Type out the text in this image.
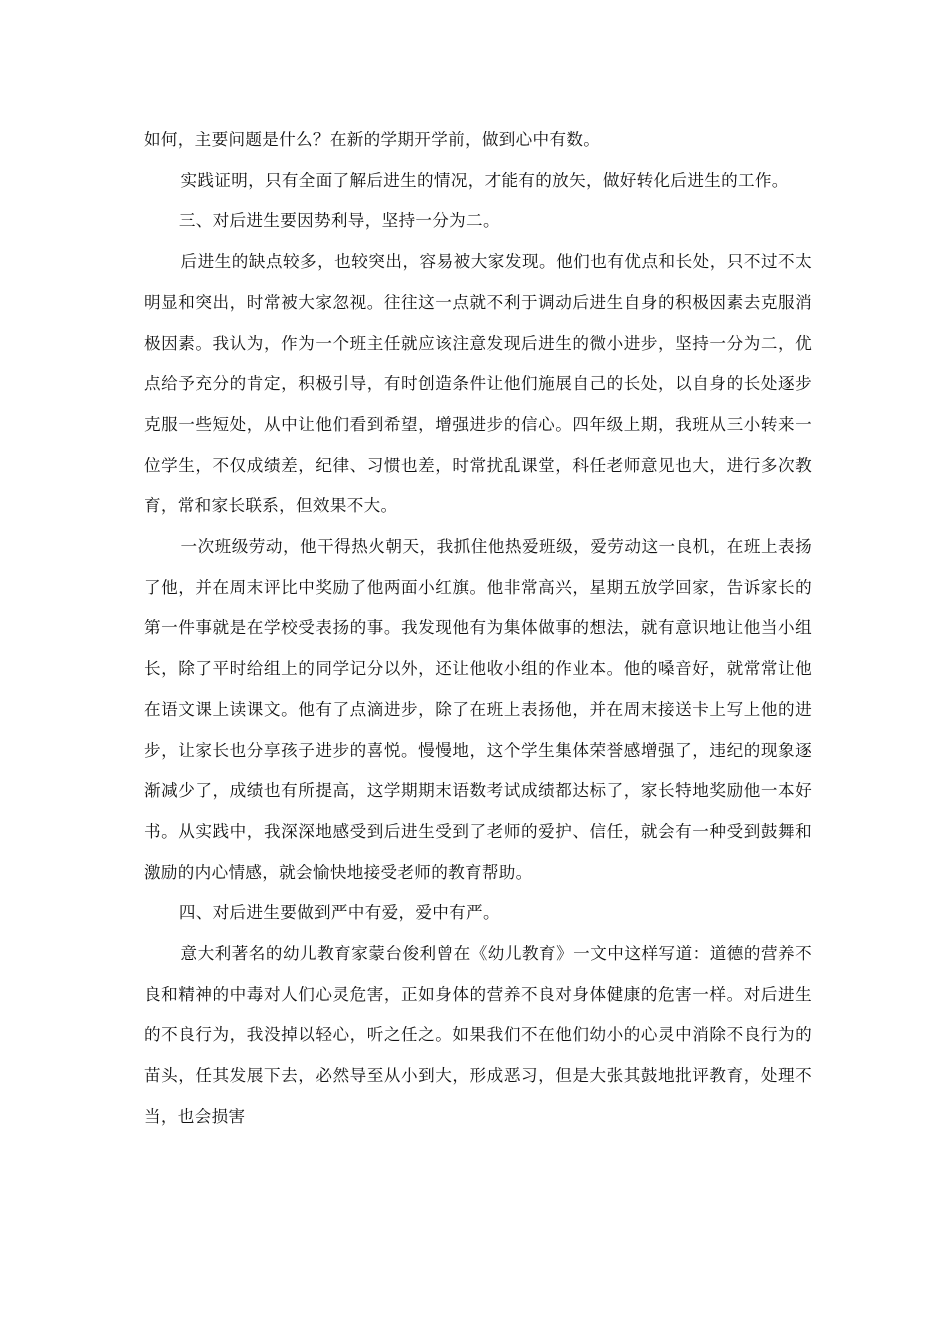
如何，主要问题是什么？在新的学期开学前，做到心中有数。

实践证明，只有全面了解后进生的情况，才能有的放矢，做好转化后进生的工作。

三、对后进生要因势利导，坚持一分为二。

后进生的缺点较多，也较突出，容易被大家发现。他们也有优点和长处，只不过不太明显和突出，时常被大家忽视。往往这一点就不利于调动后进生自身的积极因素去克服消极因素。我认为，作为一个班主任就应该注意发现后进生的微小进步，坚持一分为二，优点给予充分的肯定，积极引导，有时创造条件让他们施展自己的长处，以自身的长处逐步克服一些短处，从中让他们看到希望，增强进步的信心。四年级上期，我班从三小转来一位学生，不仅成绩差，纪律、习惯也差，时常扰乱课堂，科任老师意见也大，进行多次教育，常和家长联系，但效果不大。

一次班级劳动，他干得热火朝天，我抓住他热爱班级，爱劳动这一良机，在班上表扬了他，并在周末评比中奖励了他两面小红旗。他非常高兴，星期五放学回家，告诉家长的第一件事就是在学校受表扬的事。我发现他有为集体做事的想法，就有意识地让他当小组长，除了平时给组上的同学记分以外，还让他收小组的作业本。他的嗓音好，就常常让他在语文课上读课文。他有了点滴进步，除了在班上表扬他，并在周末接送卡上写上他的进步，让家长也分享孩子进步的喜悦。慢慢地，这个学生集体荣誉感增强了，违纪的现象逐渐减少了，成绩也有所提高，这学期期末语数考试成绩都达标了，家长特地奖励他一本好书。从实践中，我深深地感受到后进生受到了老师的爱护、信任，就会有一种受到鼓舞和激励的内心情感，就会愉快地接受老师的教育帮助。

四、对后进生要做到严中有爱，爱中有严。

意大利著名的幼儿教育家蒙台俊利曾在《幼儿教育》一文中这样写道：道德的营养不良和精神的中毒对人们心灵危害，正如身体的营养不良对身体健康的危害一样。对后进生的不良行为，我没掉以轻心，听之任之。如果我们不在他们幼小的心灵中消除不良行为的苗头，任其发展下去，必然导至从小到大，形成恶习，但是大张其鼓地批评教育，处理不当，也会损害
